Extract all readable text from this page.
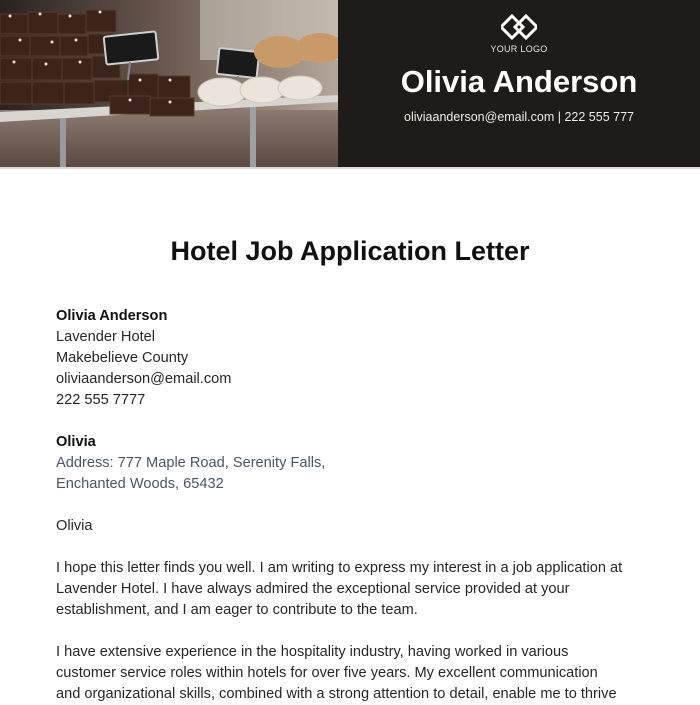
YOUR LOGO
Olivia Anderson
oliviaanderson@email.com | 222 555 777
Hotel Job Application Letter
Olivia Anderson
Lavender Hotel
Makebelieve County
oliviaanderson@email.com
222 555 7777
Olivia
Address: 777 Maple Road, Serenity Falls,
Enchanted Woods, 65432
Olivia
I hope this letter finds you well. I am writing to express my interest in a job application at
Lavender Hotel. I have always admired the exceptional service provided at your
establishment, and I am eager to contribute to the team.
I have extensive experience in the hospitality industry, having worked in various
customer service roles within hotels for over five years. My excellent communication
and organizational skills, combined with a strong attention to detail, enable me to thrive
